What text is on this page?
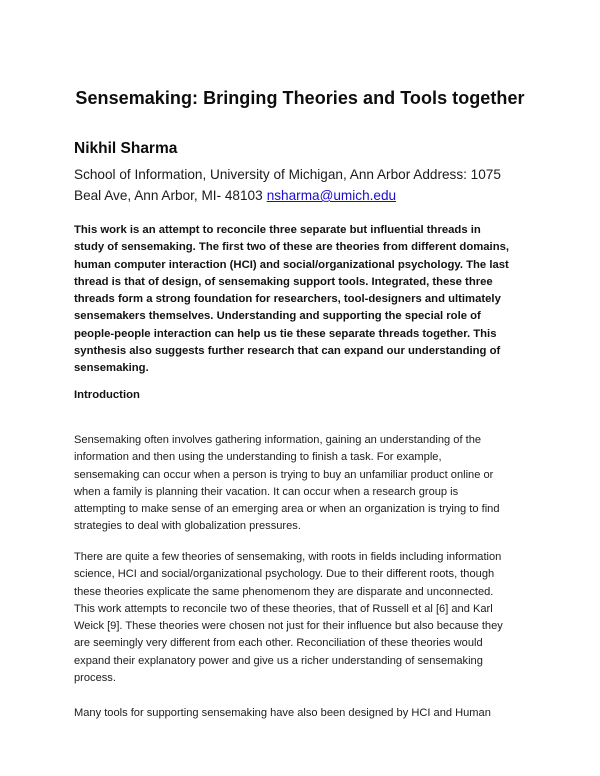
Sensemaking: Bringing Theories and Tools together

Nikhil Sharma

School of Information, University of Michigan, Ann Arbor Address: 1075
Beal Ave, Ann Arbor, MI- 48103 nsharma@umich.edu

This work is an attempt to reconcile three separate but influential threads in
study of sensemaking. The first two of these are theories from different domains,
human computer interaction (HCI) and social/organizational psychology. The last
thread is that of design, of sensemaking support tools. Integrated, these three
threads form a strong foundation for researchers, tool-designers and ultimately
sensemakers themselves. Understanding and supporting the special role of
people-people interaction can help us tie these separate threads together. This
synthesis also suggests further research that can expand our understanding of
sensemaking.

Introduction

Sensemaking often involves gathering information, gaining an understanding of the
information and then using the understanding to finish a task. For example,
sensemaking can occur when a person is trying to buy an unfamiliar product online or
when a family is planning their vacation. It can occur when a research group is
attempting to make sense of an emerging area or when an organization is trying to find
strategies to deal with globalization pressures.

There are quite a few theories of sensemaking, with roots in fields including information
science, HCI and social/organizational psychology. Due to their different roots, though
these theories explicate the same phenomenom they are disparate and unconnected.
This work attempts to reconcile two of these theories, that of Russell et al [6] and Karl
Weick [9]. These theories were chosen not just for their influence but also because they
are seemingly very different from each other. Reconciliation of these theories would
expand their explanatory power and give us a richer understanding of sensemaking
process.

Many tools for supporting sensemaking have also been designed by HCI and Human
